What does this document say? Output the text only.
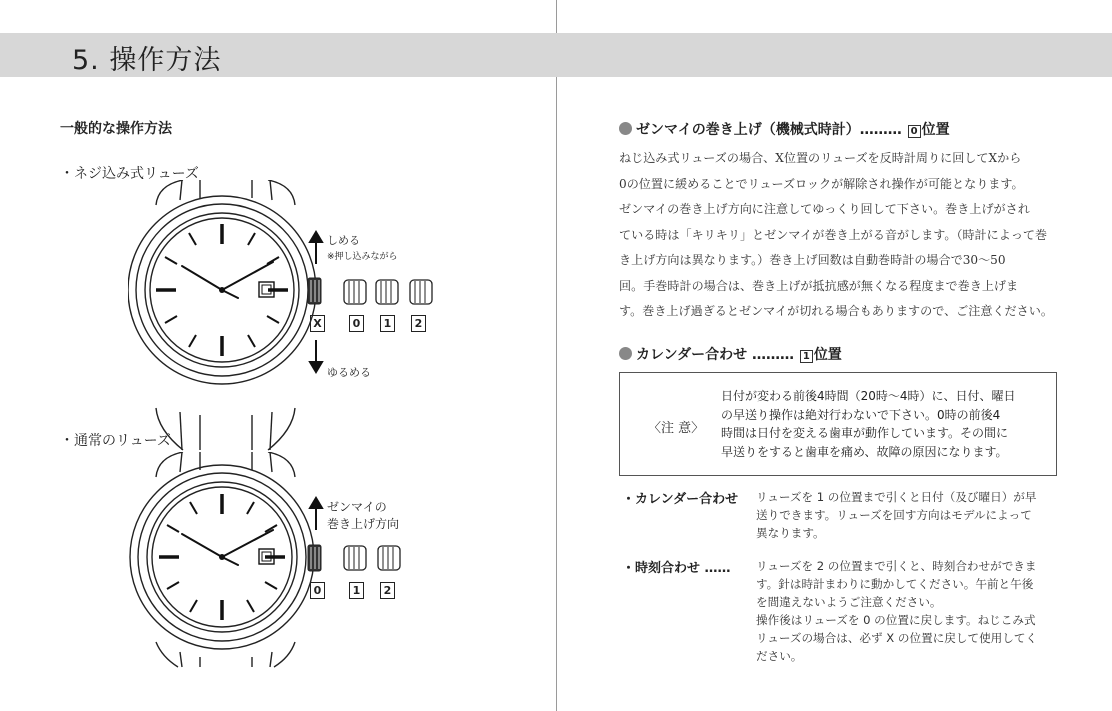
5. 操作方法
一般的な操作方法
・ネジ込み式リューズ
しめる
※押し込みながら
ゆるめる
X	0	1	2
・通常のリューズ
ゼンマイの
巻き上げ方向
0	1	2
ゼンマイの巻き上げ（機械式時計）……… 0 位置

ねじ込み式リューズの場合、X位置のリューズを反時計周りに回してXから

0の位置に緩めることでリューズロックが解除され操作が可能となります。

ゼンマイの巻き上げ方向に注意してゆっくり回して下さい。巻き上げがされ

ている時は「キリキリ」とゼンマイが巻き上がる音がします。（時計によって巻

き上げ方向は異なります。）巻き上げ回数は自動巻時計の場合で30〜50

回。手巻時計の場合は、巻き上げが抵抗感が無くなる程度まで巻き上げま

す。巻き上げ過ぎるとゼンマイが切れる場合もありますので、ご注意ください。

カレンダー合わせ ……… 1 位置
〈注 意〉
日付が変わる前後4時間（20時〜4時）に、日付、曜日
の早送り操作は絶対行わないで下さい。0時の前後4
時間は日付を変える歯車が動作しています。その間に
早送りをすると歯車を痛め、故障の原因になります。
・カレンダー合わせ リューズを 1 の位置まで引くと日付（及び曜日）が早
送りできます。リューズを回す方向はモデルによって
異なります。
・時刻合わせ …… リューズを 2 の位置まで引くと、時刻合わせができま
す。針は時計まわりに動かしてください。午前と午後
を間違えないようご注意ください。
操作後はリューズを 0 の位置に戻します。ねじこみ式
リューズの場合は、必ず X の位置に戻して使用してく
ださい。
